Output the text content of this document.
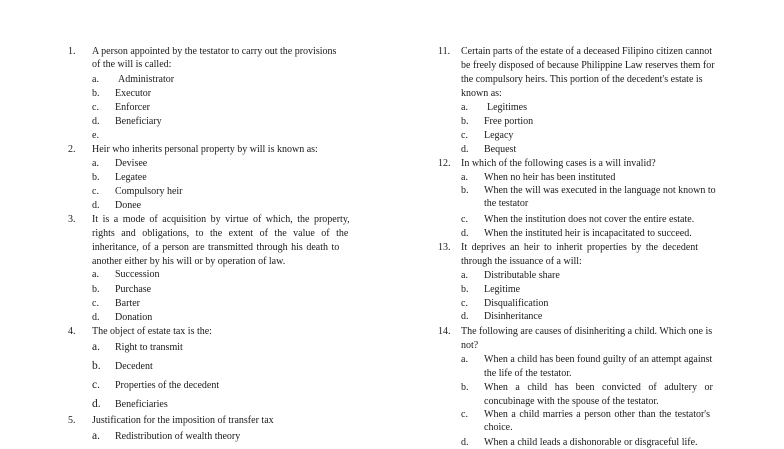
1. A person appointed by the testator to carry out the provisions
of the will is called:
a. Administrator
b. Executor
c. Enforcer
d. Beneficiary
e.
2. Heir who inherits personal property by will is known as:
a. Devisee
b. Legatee
c. Compulsory heir
d. Donee
3. It is a mode of acquisition by virtue of which, the property,
rights and obligations, to the extent of the value of the
inheritance, of a person are transmitted through his death to
another either by his will or by operation of law.
a. Succession
b. Purchase
c. Barter
d. Donation
4. The object of estate tax is the:
a. Right to transmit
b. Decedent
c. Properties of the decedent
d. Beneficiaries
5. Justification for the imposition of transfer tax
a. Redistribution of wealth theory
11. Certain parts of the estate of a deceased Filipino citizen cannot
be freely disposed of because Philippine Law reserves them for
the compulsory heirs. This portion of the decedent's estate is
known as:
a. Legitimes
b. Free portion
c. Legacy
d. Bequest
12. In which of the following cases is a will invalid?
a. When no heir has been instituted
b. When the will was executed in the language not known to
the testator
c. When the institution does not cover the entire estate.
d. When the instituted heir is incapacitated to succeed.
13. It deprives an heir to inherit properties by the decedent
through the issuance of a will:
a. Distributable share
b. Legitime
c. Disqualification
d. Disinheritance
14. The following are causes of disinheriting a child. Which one is
not?
a. When a child has been found guilty of an attempt against
the life of the testator.
b. When a child has been convicted of adultery or
concubinage with the spouse of the testator.
c. When a child marries a person other than the testator's
choice.
d. When a child leads a dishonorable or disgraceful life.
